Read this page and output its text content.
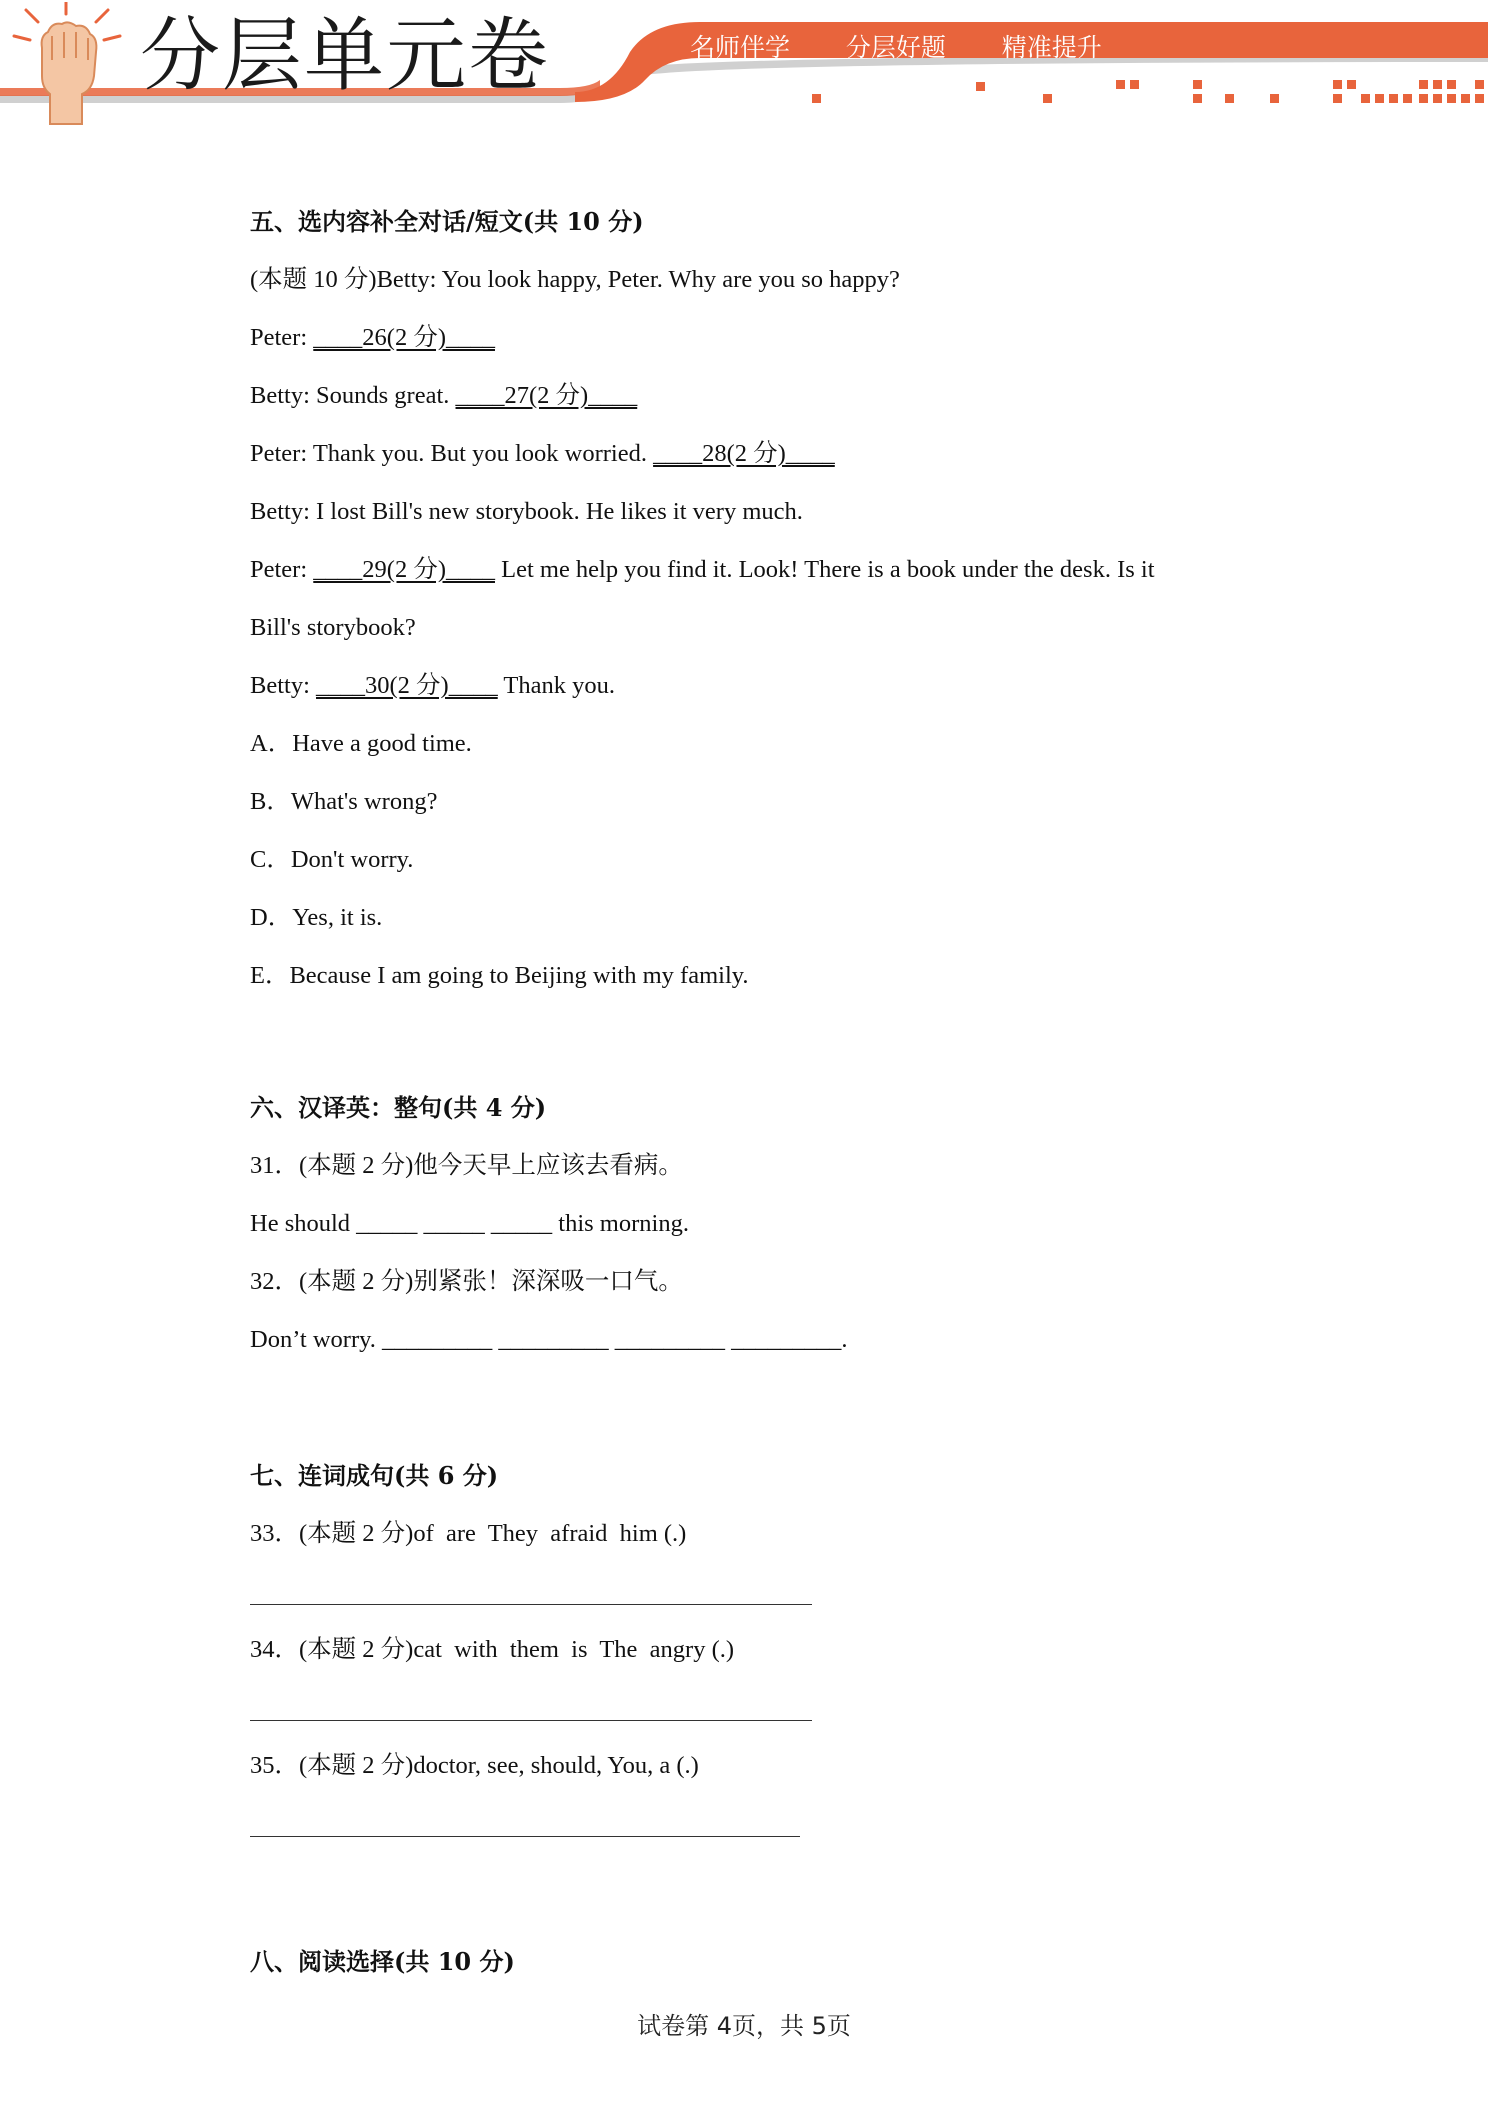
分层单元卷	名师伴学  分层好题  精准提升
五、选内容补全对话/短文(共 10 分)
(本题 10 分)Betty: You look happy, Peter. Why are you so happy?
Peter: ____26(2 分)____
Betty: Sounds great. ____27(2 分)____
Peter: Thank you. But you look worried. ____28(2 分)____
Betty: I lost Bill's new storybook. He likes it very much.
Peter: ____29(2 分)____ Let me help you find it. Look! There is a book under the desk. Is it
Bill's storybook?
Betty: ____30(2 分)____ Thank you.
A．Have a good time.
B．What's wrong?
C．Don't worry.
D．Yes, it is.
E．Because I am going to Beijing with my family.
六、汉译英：整句(共 4 分)
31．(本题 2 分)他今天早上应该去看病。
He should _____ _____ _____ this morning.
32．(本题 2 分)别紧张！深深吸一口气。
Don’t worry. _________ _________ _________ _________.
七、连词成句(共 6 分)
33．(本题 2 分)of  are  They  afraid  him (.)
34．(本题 2 分)cat  with  them  is  The  angry (.)
35．(本题 2 分)doctor, see, should, You, a (.)
八、阅读选择(共 10 分)
试卷第 4页，共 5页
